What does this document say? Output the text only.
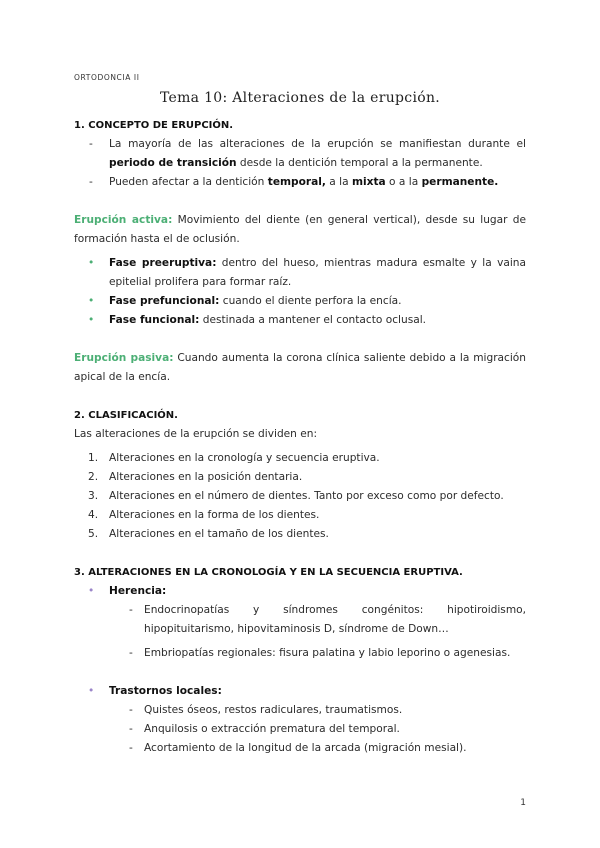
ORTODONCIA II
Tema 10: Alteraciones de la erupción.
1. CONCEPTO DE ERUPCIÓN.
- La mayoría de las alteraciones de la erupción se manifiestan durante el periodo de transición desde la dentición temporal a la permanente.
- Pueden afectar a la dentición temporal, a la mixta o a la permanente.

Erupción activa: Movimiento del diente (en general vertical), desde su lugar de formación hasta el de oclusión.

• Fase preeruptiva: dentro del hueso, mientras madura esmalte y la vaina epitelial prolifera para formar raíz.
• Fase prefuncional: cuando el diente perfora la encía.
• Fase funcional: destinada a mantener el contacto oclusal.

Erupción pasiva: Cuando aumenta la corona clínica saliente debido a la migración apical de la encía.

2. CLASIFICACIÓN.

Las alteraciones de la erupción se dividen en:

1. Alteraciones en la cronología y secuencia eruptiva.
2. Alteraciones en la posición dentaria.
3. Alteraciones en el número de dientes. Tanto por exceso como por defecto.
4. Alteraciones en la forma de los dientes.
5. Alteraciones en el tamaño de los dientes.
3. ALTERACIONES EN LA CRONOLOGÍA Y EN LA SECUENCIA ERUPTIVA.
• Herencia:
- Endocrinopatías y síndromes congénitos: hipotiroidismo, hipopituitarismo, hipovitaminosis D, síndrome de Down…
- Embriopatías regionales: fisura palatina y labio leporino o agenesias.
• Trastornos locales:
- Quistes óseos, restos radiculares, traumatismos.
- Anquilosis o extracción prematura del temporal.
- Acortamiento de la longitud de la arcada (migración mesial).
1
